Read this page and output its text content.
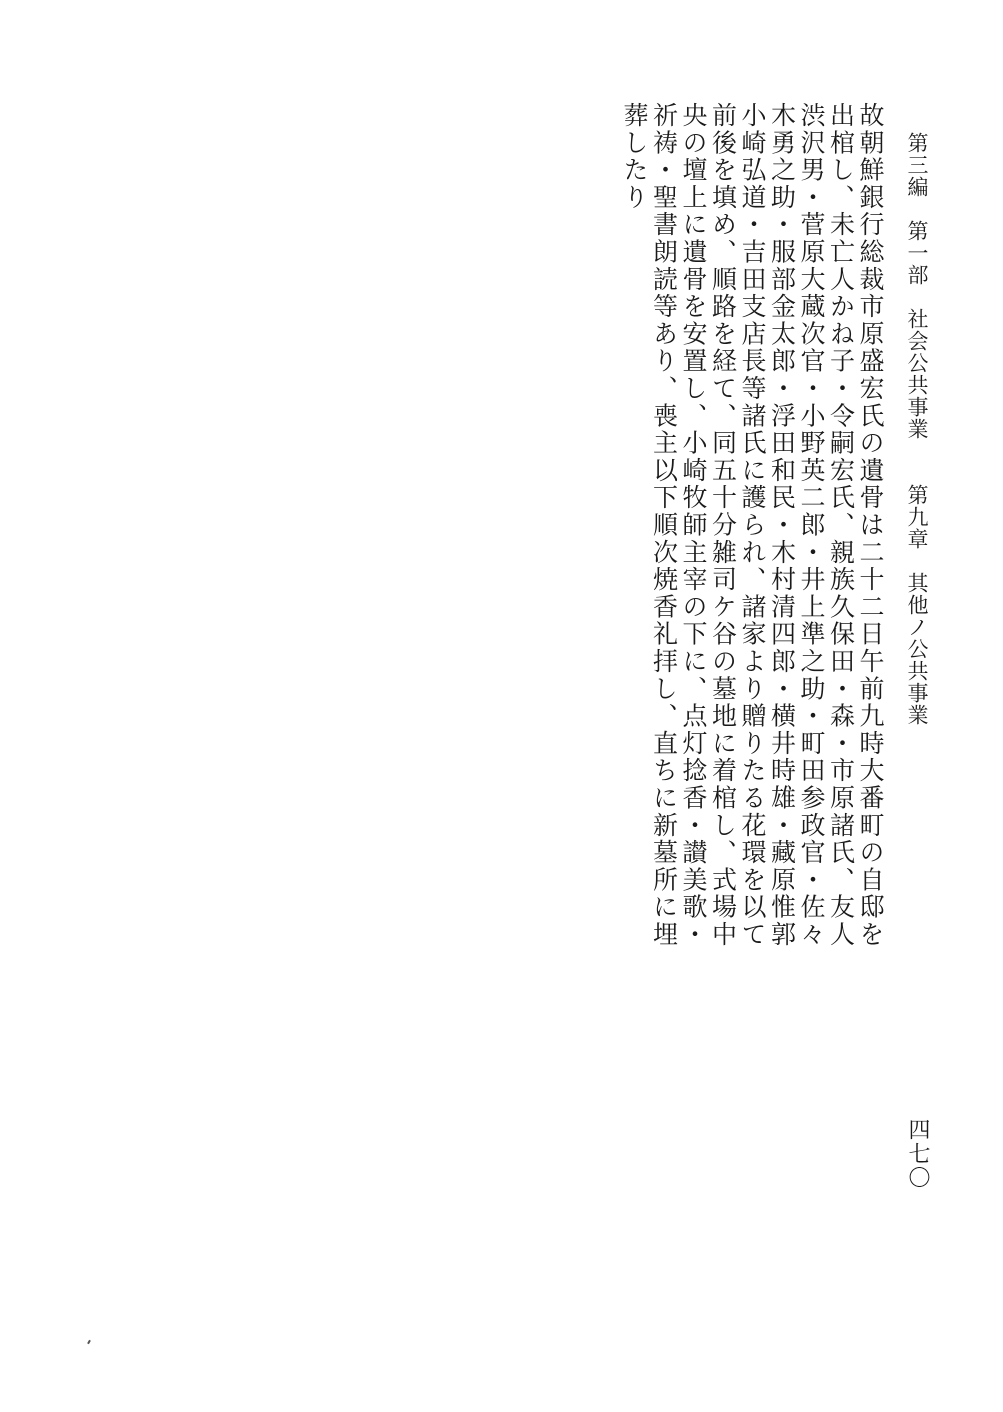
第三編　第一部　社会公共事業　　第九章　其他ノ公共事業
故朝鮮銀行総裁市原盛宏氏の遺骨は二十二日午前九時大番町の自邸を
出棺し、未亡人かね子・令嗣宏氏、親族久保田・森・市原諸氏、友人
渋沢男・菅原大蔵次官・小野英二郎・井上準之助・町田参政官・佐々
木勇之助・服部金太郎・浮田和民・木村清四郎・横井時雄・藏原惟郭
小崎弘道・吉田支店長等諸氏に護られ、諸家より贈りたる花環を以て
前後を填め、順路を経て、同五十分雑司ケ谷の墓地に着棺し、式場中
央の壇上に遺骨を安置し、小崎牧師主宰の下に、点灯捻香・讃美歌・
祈祷・聖書朗読等あり、喪主以下順次焼香礼拝し、直ちに新墓所に埋
葬したり
四七〇
